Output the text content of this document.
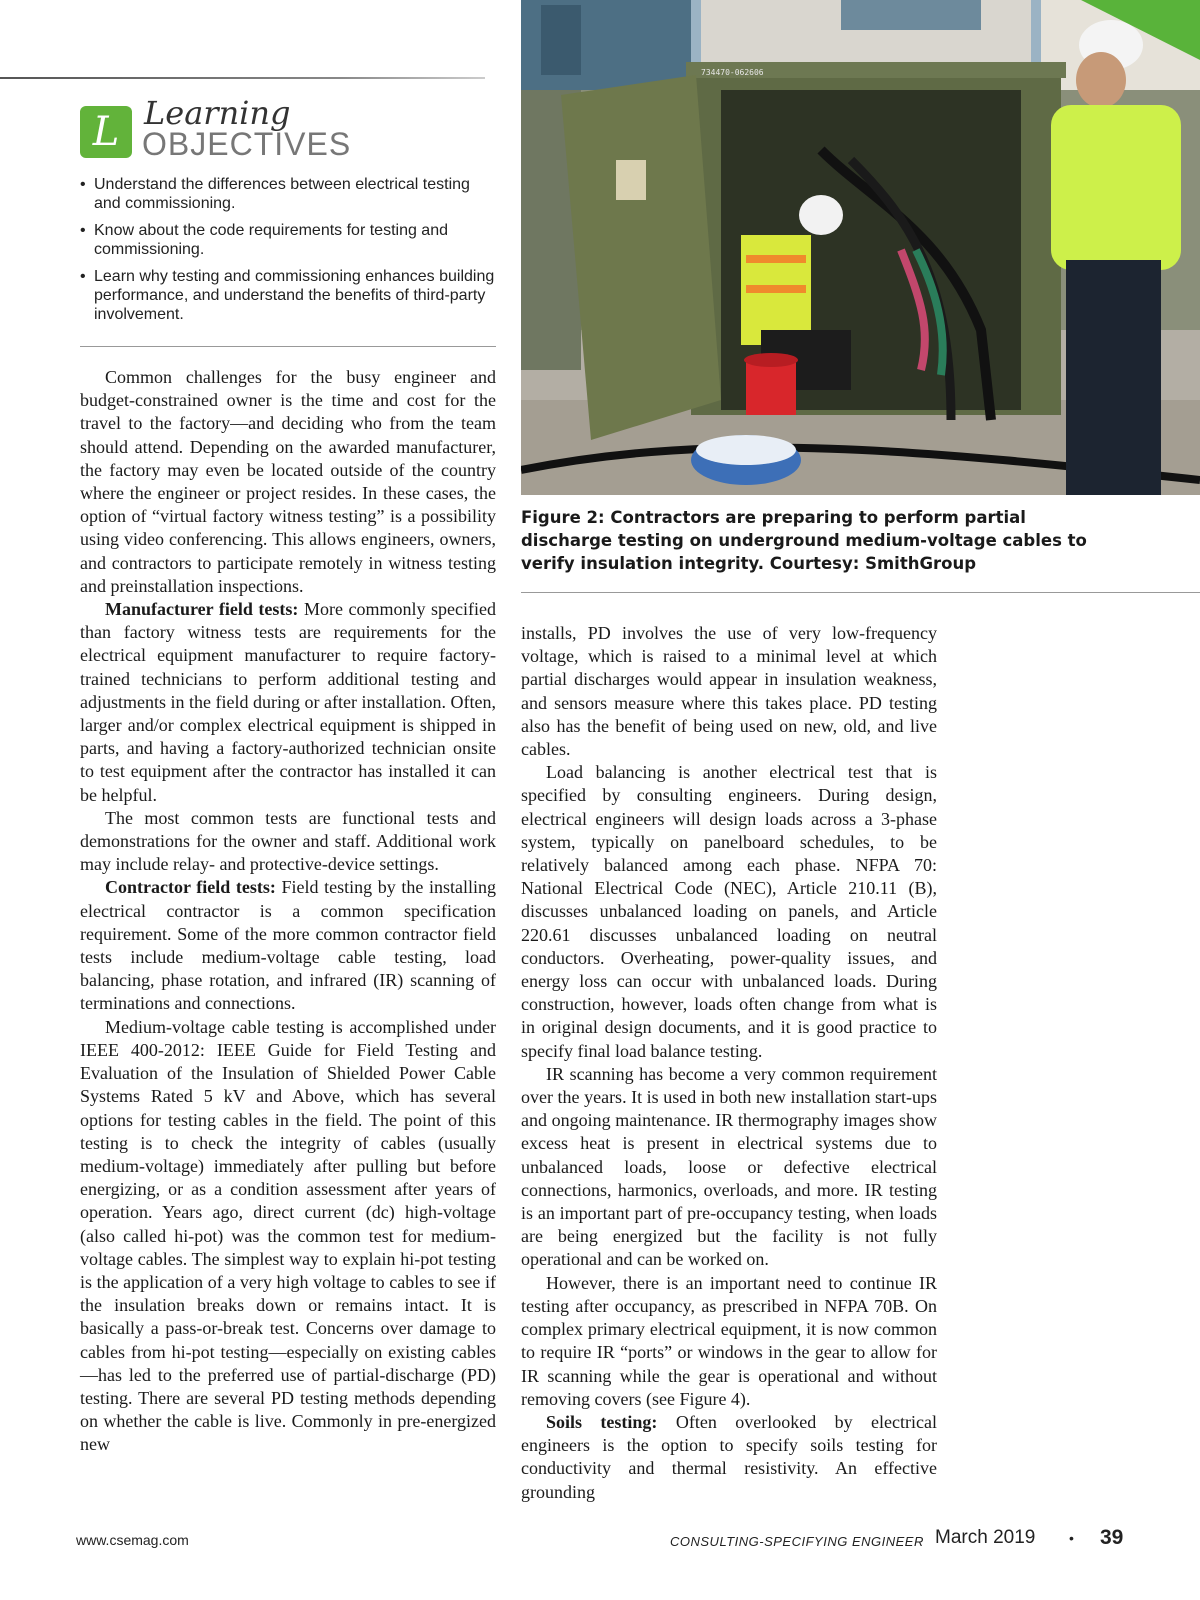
L Learning
OBJECTIVES
• Understand the differences between electrical testing and commissioning.
• Know about the code requirements for testing and commissioning.
• Learn why testing and commissioning enhances building performance, and understand the benefits of third-party involvement.
734470-062606
Figure 2: Contractors are preparing to perform partial discharge testing on underground medium-voltage cables to verify insulation integrity. Courtesy: SmithGroup

Common challenges for the busy engineer and budget-constrained owner is the time and cost for the travel to the factory—and deciding who from the team should attend. Depending on the awarded manufacturer, the factory may even be located outside of the country where the engineer or project resides. In these cases, the option of “virtual factory witness testing” is a possibility using video conferencing. This allows engineers, owners, and contractors to participate remotely in witness testing and preinstallation inspections.

Manufacturer field tests: More commonly specified than factory witness tests are requirements for the electrical equipment manufacturer to require factory-trained technicians to perform additional testing and adjustments in the field during or after installation. Often, larger and/or complex electrical equipment is shipped in parts, and having a factory-authorized technician onsite to test equipment after the contractor has installed it can be helpful.

The most common tests are functional tests and demonstrations for the owner and staff. Additional work may include relay- and protective-device settings.

Contractor field tests: Field testing by the installing electrical contractor is a common specification requirement. Some of the more common contractor field tests include medium-voltage cable testing, load balancing, phase rotation, and infrared (IR) scanning of terminations and connections.

Medium-voltage cable testing is accomplished under IEEE 400-2012: IEEE Guide for Field Testing and Evaluation of the Insulation of Shielded Power Cable Systems Rated 5 kV and Above, which has several options for testing cables in the field. The point of this testing is to check the integrity of cables (usually medium-voltage) immediately after pulling but before energizing, or as a condition assessment after years of operation. Years ago, direct current (dc) high-voltage (also called hi-pot) was the common test for medium-voltage cables. The simplest way to explain hi-pot testing is the application of a very high voltage to cables to see if the insulation breaks down or remains intact. It is basically a pass-or-break test. Concerns over damage to cables from hi-pot testing—especially on existing cables—has led to the preferred use of partial-discharge (PD) testing. There are several PD testing methods depending on whether the cable is live. Commonly in pre-energized new

installs, PD involves the use of very low-frequency voltage, which is raised to a minimal level at which partial discharges would appear in insulation weakness, and sensors measure where this takes place. PD testing also has the benefit of being used on new, old, and live cables.

Load balancing is another electrical test that is specified by consulting engineers. During design, electrical engineers will design loads across a 3-phase system, typically on panelboard schedules, to be relatively balanced among each phase. NFPA 70: National Electrical Code (NEC), Article 210.11 (B), discusses unbalanced loading on panels, and Article 220.61 discusses unbalanced loading on neutral conductors. Overheating, power-quality issues, and energy loss can occur with unbalanced loads. During construction, however, loads often change from what is in original design documents, and it is good practice to specify final load balance testing.

IR scanning has become a very common requirement over the years. It is used in both new installation start-ups and ongoing maintenance. IR thermography images show excess heat is present in electrical systems due to unbalanced loads, loose or defective electrical connections, harmonics, overloads, and more. IR testing is an important part of pre-occupancy testing, when loads are being energized but the facility is not fully operational and can be worked on.

However, there is an important need to continue IR testing after occupancy, as prescribed in NFPA 70B. On complex primary electrical equipment, it is now common to require IR “ports” or windows in the gear to allow for IR scanning while the gear is operational and without removing covers (see Figure 4).

Soils testing: Often overlooked by electrical engineers is the option to specify soils testing for conductivity and thermal resistivity. An effective grounding

www.csemag.com	CONSULTING-SPECIFYING ENGINEER March 2019 • 39
